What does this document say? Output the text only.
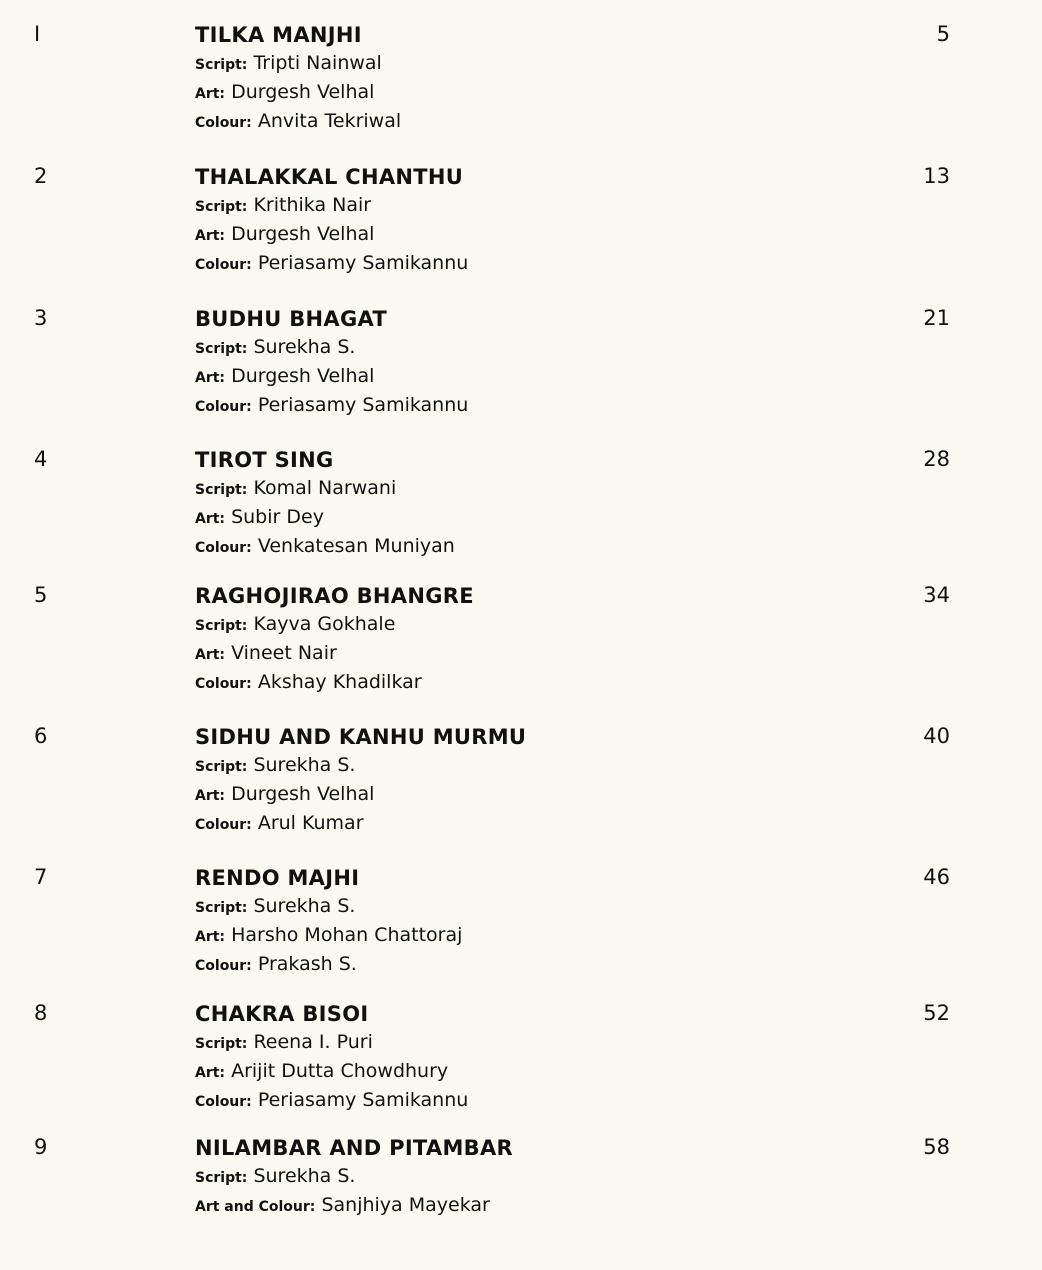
I	TILKA MANJHI
Script: Tripti Nainwal
Art: Durgesh Velhal
Colour: Anvita Tekriwal
5
2	THALAKKAL CHANTHU
Script: Krithika Nair
Art: Durgesh Velhal
Colour: Periasamy Samikannu
13
3	BUDHU BHAGAT
Script: Surekha S.
Art: Durgesh Velhal
Colour: Periasamy Samikannu
21
4	TIROT SING
Script: Komal Narwani
Art: Subir Dey
Colour: Venkatesan Muniyan
28
5	RAGHOJIRAO BHANGRE
Script: Kayva Gokhale
Art: Vineet Nair
Colour: Akshay Khadilkar
34
6	SIDHU AND KANHU MURMU
Script: Surekha S.
Art: Durgesh Velhal
Colour: Arul Kumar
40
7	RENDO MAJHI
Script: Surekha S.
Art: Harsho Mohan Chattoraj
Colour: Prakash S.
46
8	CHAKRA BISOI
Script: Reena I. Puri
Art: Arijit Dutta Chowdhury
Colour: Periasamy Samikannu
52
9	NILAMBAR AND PITAMBAR
Script: Surekha S.
Art and Colour: Sanjhiya Mayekar
58
